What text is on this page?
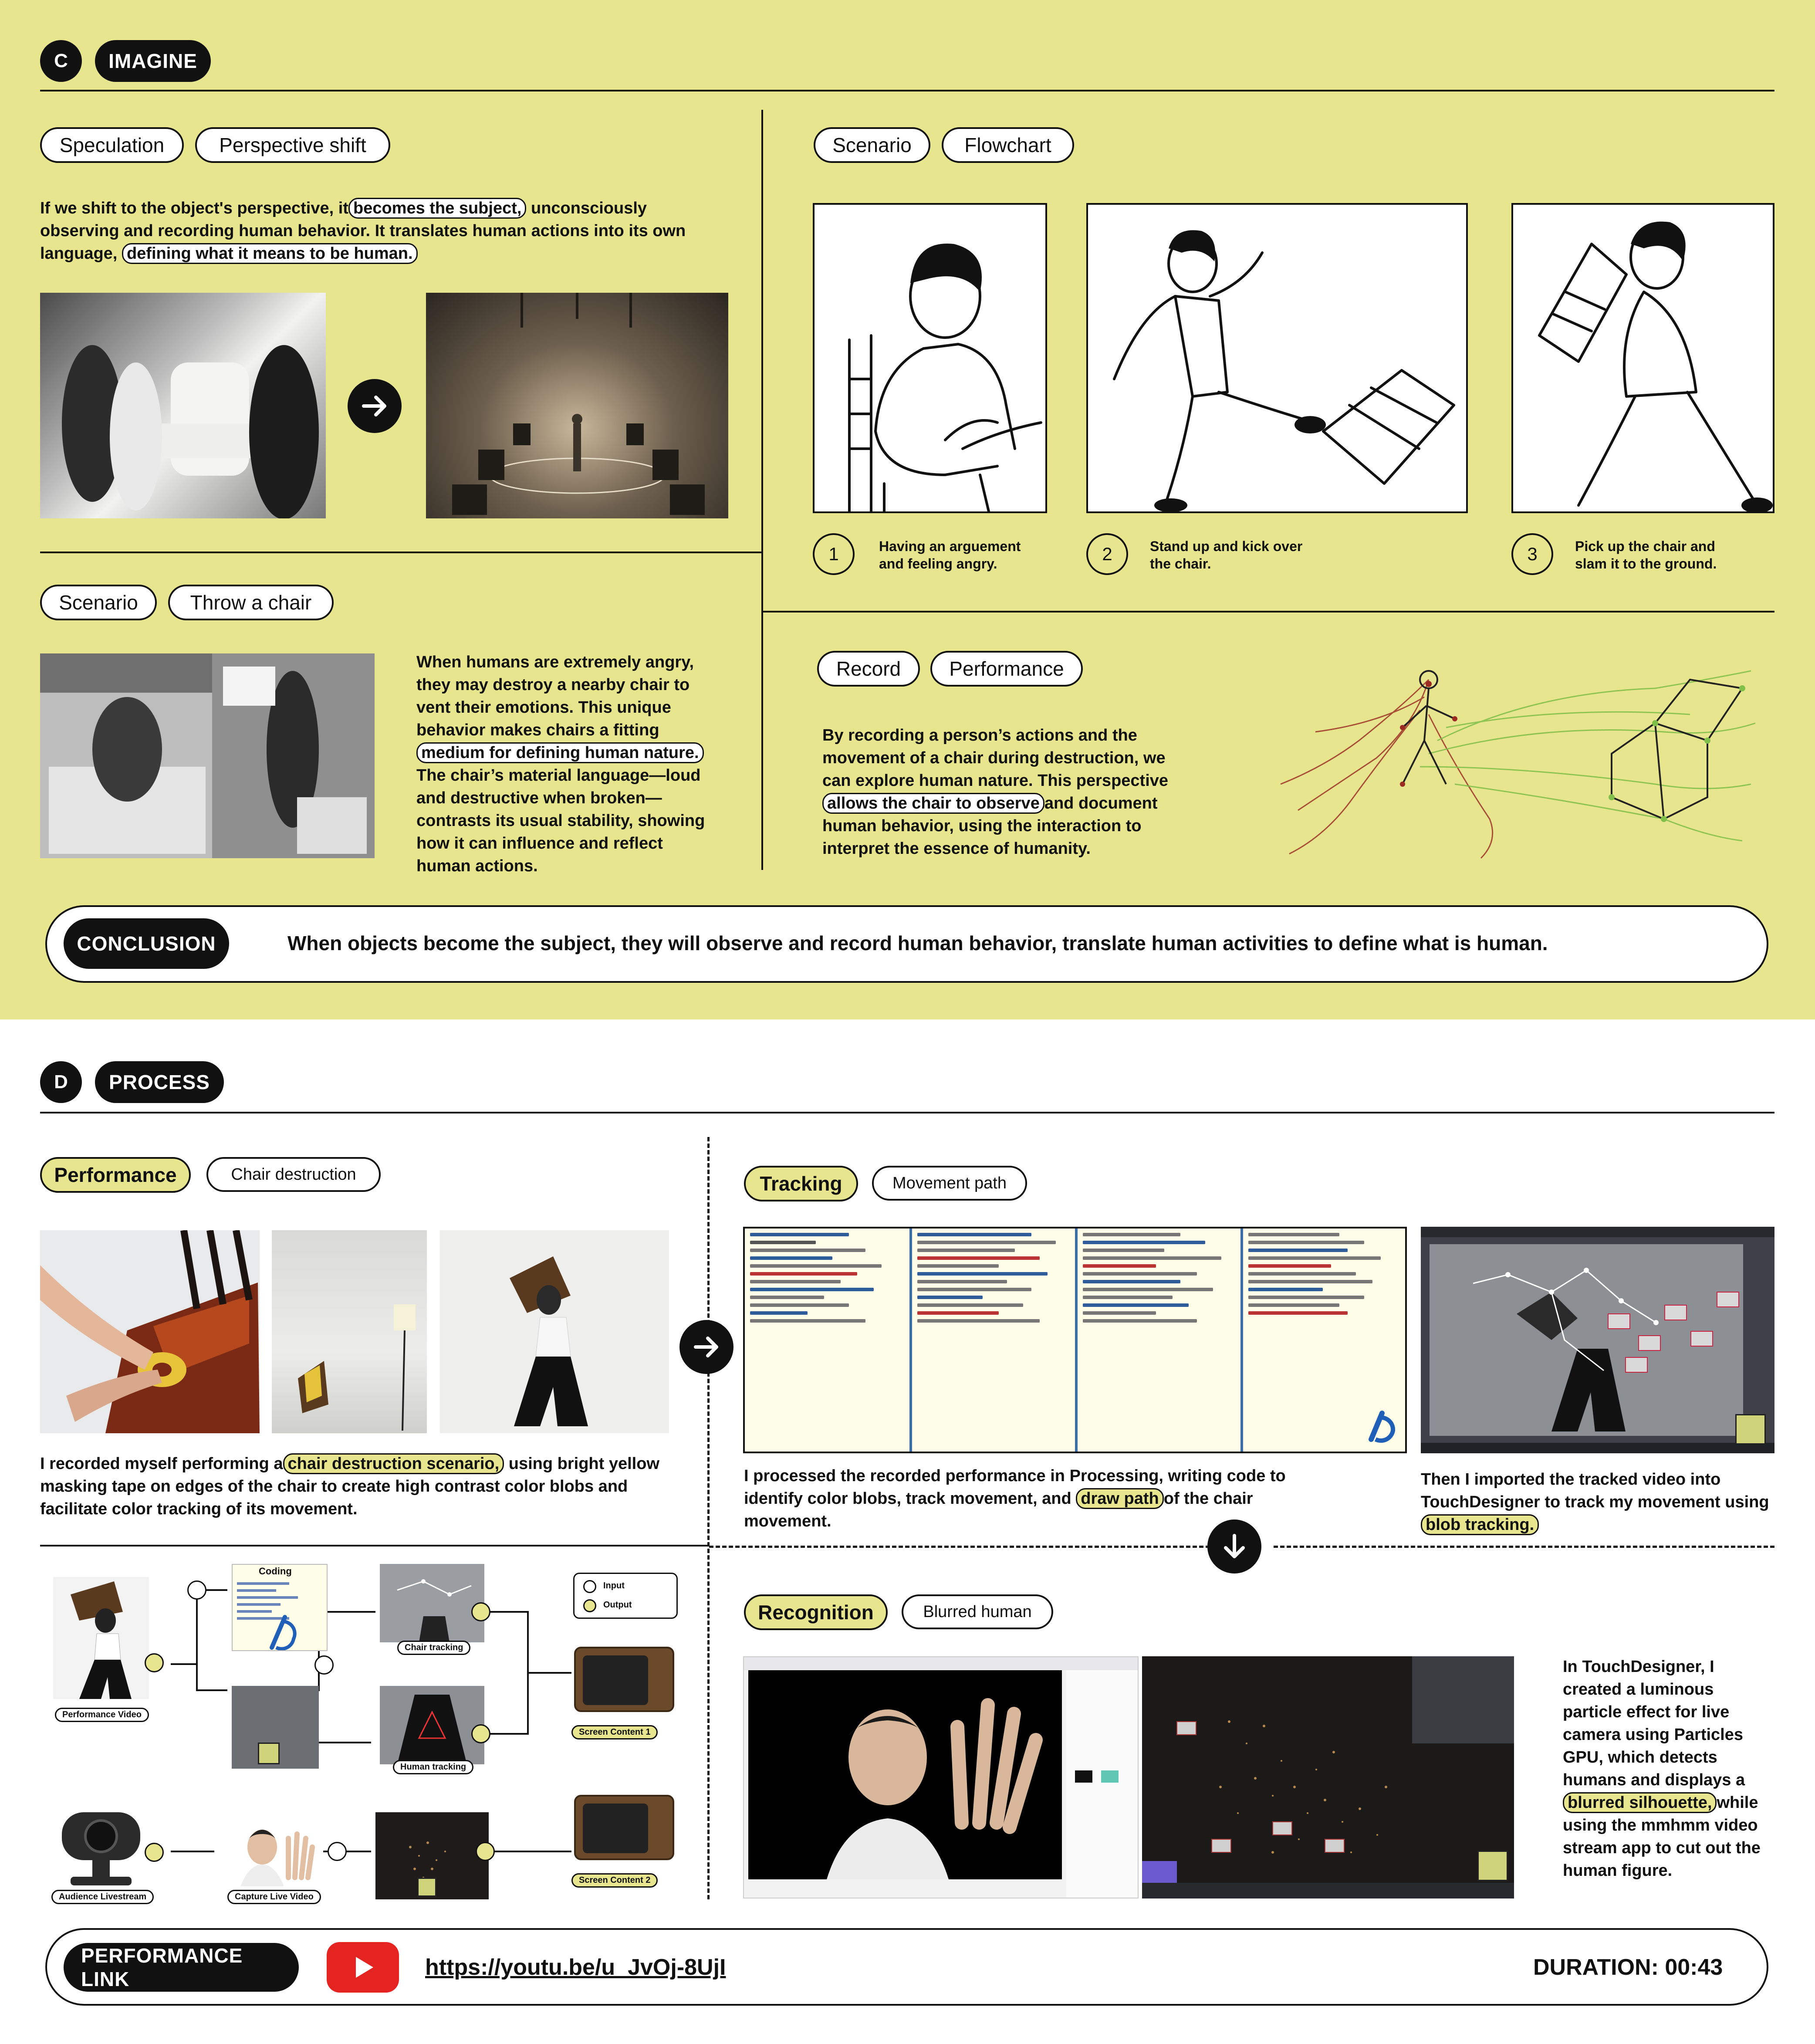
C	IMAGINE
Speculation	Perspective shift
If we shift to the object's perspective, it becomes the subject, unconsciously observing and recording human behavior. It translates human actions into its own language, defining what it means to be human.
Scenario	Flowchart
1	Having an arguement
and feeling angry.	2	Stand up and kick over
the chair.	3	Pick up the chair and
slam it to the ground.
Scenario	Throw a chair
When humans are extremely angry, they may destroy a nearby chair to vent their emotions. This unique behavior makes chairs a fitting medium for defining human nature. The chair’s material language—loud and destructive when broken—contrasts its usual stability, showing how it can influence and reflect human actions.
Record	Performance
By recording a person’s actions and the movement of a chair during destruction, we can explore human nature. This perspective allows the chair to observe and document human behavior, using the interaction to interpret the essence of humanity.
CONCLUSION	When objects become the subject, they will observe and record human behavior, translate human activities to define what is human.
D	PROCESS
Performance	Chair destruction
I recorded myself performing a chair destruction scenario, using bright yellow masking tape on edges of the chair to create high contrast color blobs and facilitate color tracking of its movement.
Tracking	Movement path
I processed the recorded performance in Processing, writing code to identify color blobs, track movement, and draw path of the chair movement.
Then I imported the tracked video into TouchDesigner to track my movement using blob tracking.
Performance Video
Coding
Chair tracking
Human tracking
Input
Output
Screen Content 1
Audience Livestream	Capture Live Video
Screen Content 2
Recognition	Blurred human
In TouchDesigner, I created a luminous particle effect for live camera using Particles GPU, which detects humans and displays a blurred silhouette, while using the mmhmm video stream app to cut out the human figure.
PERFORMANCE LINK	https://youtu.be/u_JvOj-8UjI	DURATION: 00:43
